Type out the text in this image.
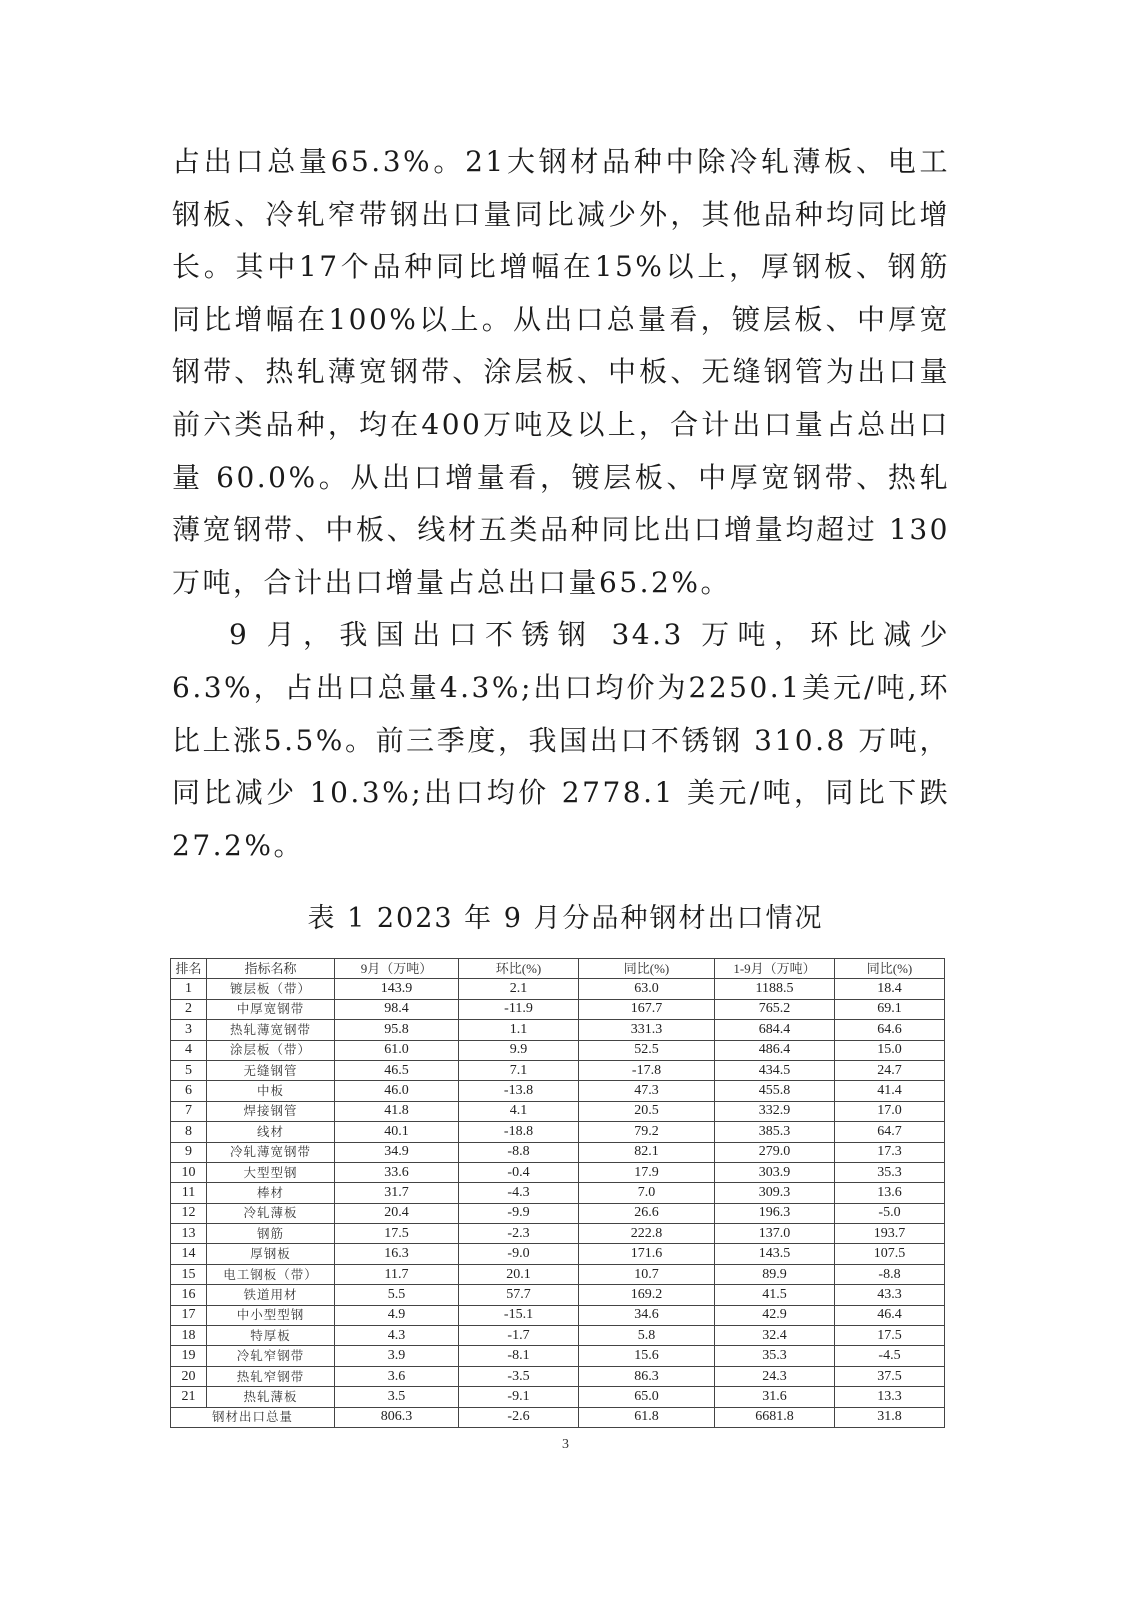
占出口总量65.3%。21大钢材品种中除冷轧薄板、电工钢板、冷轧窄带钢出口量同比减少外，其他品种均同比增长。其中17个品种同比增幅在15%以上，厚钢板、钢筋同比增幅在100%以上。从出口总量看，镀层板、中厚宽钢带、热轧薄宽钢带、涂层板、中板、无缝钢管为出口量前六类品种，均在400万吨及以上，合计出口量占总出口量 60.0%。从出口增量看，镀层板、中厚宽钢带、热轧薄宽钢带、中板、线材五类品种同比出口增量均超过 130 万吨，合计出口增量占总出口量65.2%。

9 月，我国出口不锈钢 34.3 万吨，环比减少 6.3%，占出口总量4.3%;出口均价为2250.1美元/吨,环比上涨5.5%。前三季度，我国出口不锈钢 310.8 万吨，同比减少 10.3%;出口均价 2778.1 美元/吨，同比下跌 27.2%。

表 1 2023 年 9 月分品种钢材出口情况
排名	指标名称	9月（万吨）	环比(%)	同比(%)	1-9月（万吨）	同比(%)
1	镀层板（带）	143.9	2.1	63.0	1188.5	18.4
2	中厚宽钢带	98.4	-11.9	167.7	765.2	69.1
3	热轧薄宽钢带	95.8	1.1	331.3	684.4	64.6
4	涂层板（带）	61.0	9.9	52.5	486.4	15.0
5	无缝钢管	46.5	7.1	-17.8	434.5	24.7
6	中板	46.0	-13.8	47.3	455.8	41.4
7	焊接钢管	41.8	4.1	20.5	332.9	17.0
8	线材	40.1	-18.8	79.2	385.3	64.7
9	冷轧薄宽钢带	34.9	-8.8	82.1	279.0	17.3
10	大型型钢	33.6	-0.4	17.9	303.9	35.3
11	棒材	31.7	-4.3	7.0	309.3	13.6
12	冷轧薄板	20.4	-9.9	26.6	196.3	-5.0
13	钢筋	17.5	-2.3	222.8	137.0	193.7
14	厚钢板	16.3	-9.0	171.6	143.5	107.5
15	电工钢板（带）	11.7	20.1	10.7	89.9	-8.8
16	铁道用材	5.5	57.7	169.2	41.5	43.3
17	中小型型钢	4.9	-15.1	34.6	42.9	46.4
18	特厚板	4.3	-1.7	5.8	32.4	17.5
19	冷轧窄钢带	3.9	-8.1	15.6	35.3	-4.5
20	热轧窄钢带	3.6	-3.5	86.3	24.3	37.5
21	热轧薄板	3.5	-9.1	65.0	31.6	13.3
钢材出口总量		806.3	-2.6	61.8	6681.8	31.8
3
